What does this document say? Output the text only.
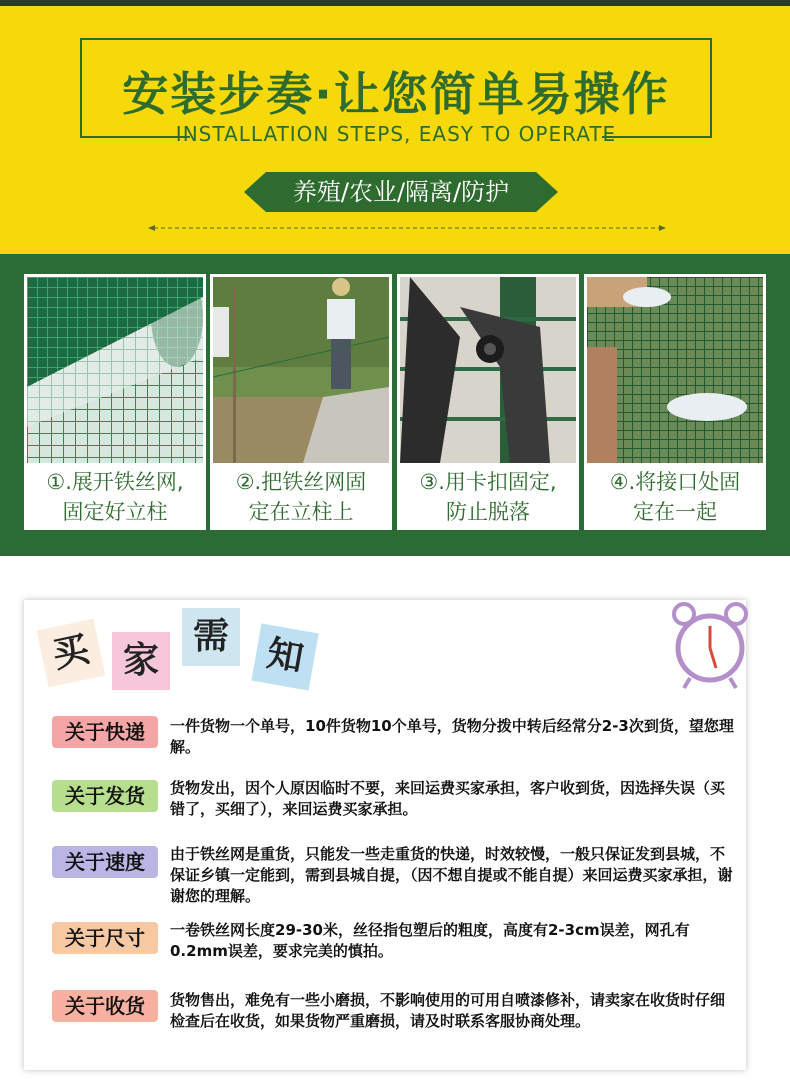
安装步奏·让您简单易操作
INSTALLATION STEPS, EASY TO OPERATE
养殖/农业/隔离/防护
①.展开铁丝网,
固定好立柱
②.把铁丝网固
定在立柱上
③.用卡扣固定,
防止脱落
④.将接口处固
定在一起
买 家
需 知
关于快递	一件货物一个单号，10件货物10个单号，货物分拨中转后经常分2-3次到货，望您理解。
关于发货	货物发出，因个人原因临时不要，来回运费买家承担，客户收到货，因选择失误（买错了，买细了），来回运费买家承担。
关于速度	由于铁丝网是重货，只能发一些走重货的快递，时效较慢，一般只保证发到县城，不保证乡镇一定能到，需到县城自提，（因不想自提或不能自提）来回运费买家承担，谢谢您的理解。
关于尺寸	一卷铁丝网长度29-30米，丝径指包塑后的粗度，高度有2-3cm误差，网孔有0.2mm误差，要求完美的慎拍。
关于收货	货物售出，难免有一些小磨损，不影响使用的可用自喷漆修补，请卖家在收货时仔细检查后在收货，如果货物严重磨损，请及时联系客服协商处理。
